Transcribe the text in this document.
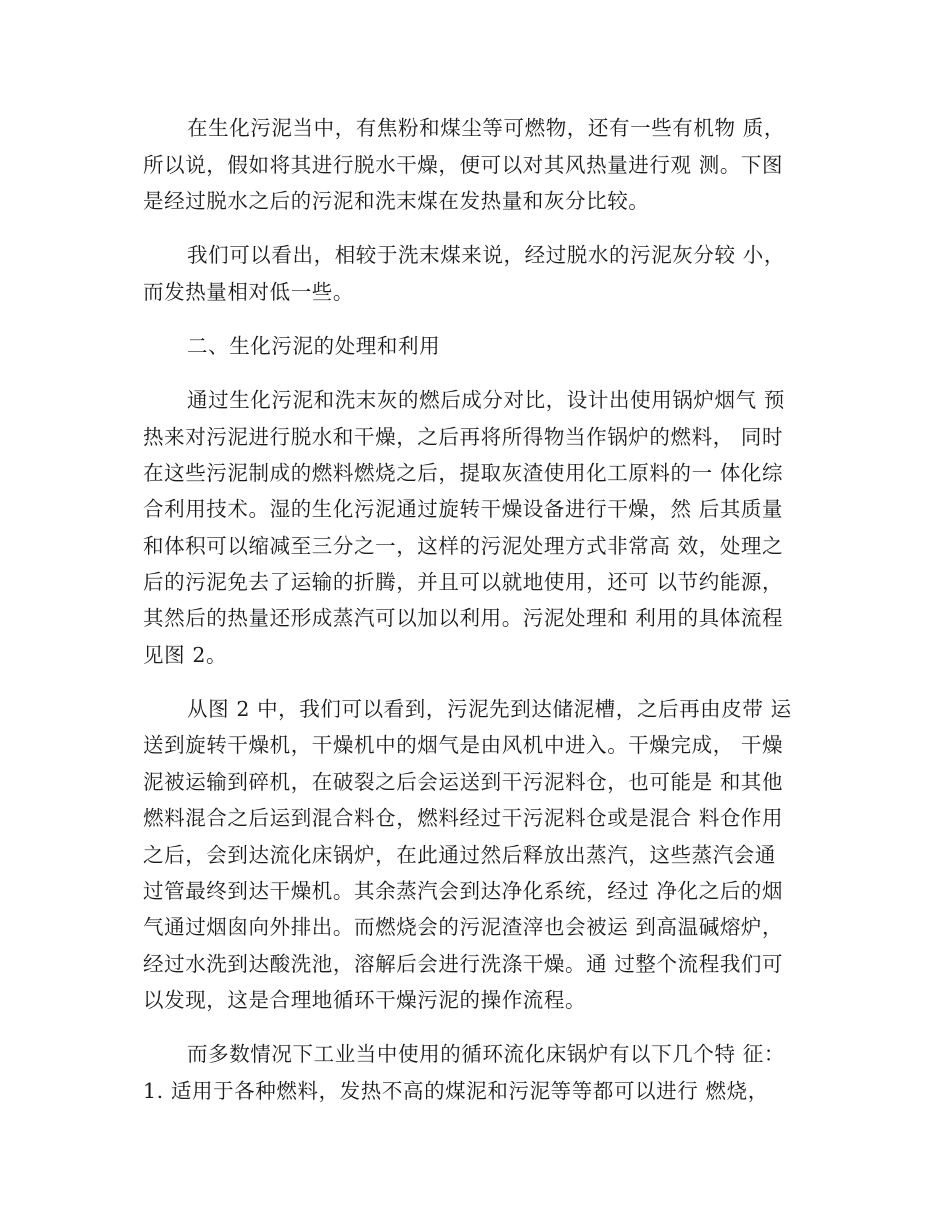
在生化污泥当中，有焦粉和煤尘等可燃物，还有一些有机物 质，
所以说，假如将其进行脱水干燥，便可以对其风热量进行观 测。下图
是经过脱水之后的污泥和洗末煤在发热量和灰分比较。
我们可以看出，相较于洗末煤来说，经过脱水的污泥灰分较 小，
而发热量相对低一些。
二、生化污泥的处理和利用
通过生化污泥和洗末灰的燃后成分对比，设计出使用锅炉烟气 预
热来对污泥进行脱水和干燥，之后再将所得物当作锅炉的燃料， 同时
在这些污泥制成的燃料燃烧之后，提取灰渣使用化工原料的一 体化综
合利用技术。湿的生化污泥通过旋转干燥设备进行干燥，然 后其质量
和体积可以缩减至三分之一，这样的污泥处理方式非常高 效，处理之
后的污泥免去了运输的折腾，并且可以就地使用，还可 以节约能源，
其然后的热量还形成蒸汽可以加以利用。污泥处理和 利用的具体流程
见图 2。
从图 2 中，我们可以看到，污泥先到达储泥槽，之后再由皮带 运
送到旋转干燥机，干燥机中的烟气是由风机中进入。干燥完成， 干燥
泥被运输到碎机，在破裂之后会运送到干污泥料仓，也可能是 和其他
燃料混合之后运到混合料仓，燃料经过干污泥料仓或是混合 料仓作用
之后，会到达流化床锅炉，在此通过然后释放出蒸汽，这些蒸汽会通
过管最终到达干燥机。其余蒸汽会到达净化系统，经过 净化之后的烟
气通过烟囱向外排出。而燃烧会的污泥渣滓也会被运 到高温碱熔炉，
经过水洗到达酸洗池，溶解后会进行洗涤干燥。通 过整个流程我们可
以发现，这是合理地循环干燥污泥的操作流程。
而多数情况下工业当中使用的循环流化床锅炉有以下几个特 征：
1. 适用于各种燃料，发热不高的煤泥和污泥等等都可以进行 燃烧，
